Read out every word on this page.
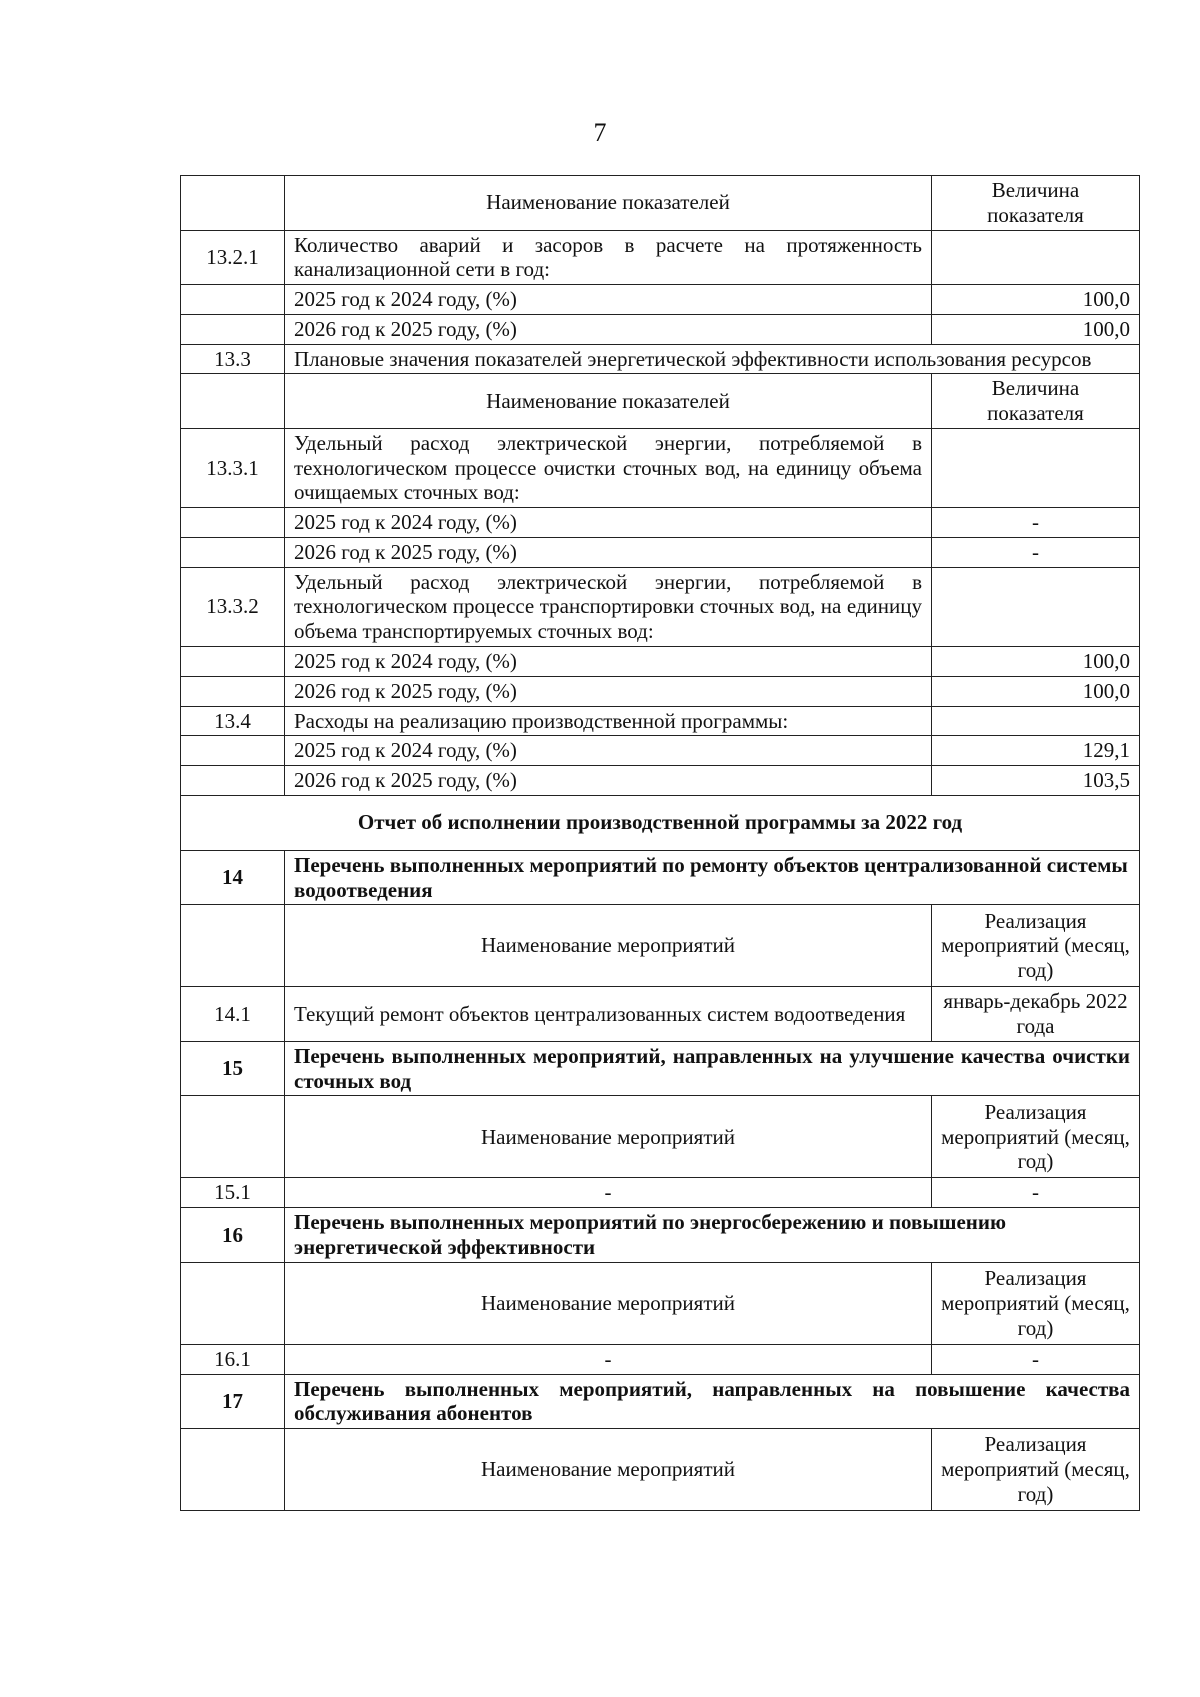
7
	Наименование показателей	Величина показателя
13.2.1	Количество аварий и засоров в расчете на протяженность канализационной сети в год:	
	2025 год к 2024 году, (%)	100,0
	2026 год к 2025 году, (%)	100,0
13.3	Плановые значения показателей энергетической эффективности использования ресурсов	
	Наименование показателей	Величина показателя
13.3.1	Удельный расход электрической энергии, потребляемой в технологическом процессе очистки сточных вод, на единицу объема очищаемых сточных вод:	
	2025 год к 2024 году, (%)	-
	2026 год к 2025 году, (%)	-
13.3.2	Удельный расход электрической энергии, потребляемой в технологическом процессе транспортировки сточных вод, на единицу объема транспортируемых сточных вод:	
	2025 год к 2024 году, (%)	100,0
	2026 год к 2025 году, (%)	100,0
13.4	Расходы на реализацию производственной программы:	
	2025 год к 2024 году, (%)	129,1
	2026 год к 2025 году, (%)	103,5
Отчет об исполнении производственной программы за 2022 год		
14	Перечень выполненных мероприятий по ремонту объектов централизованной системы водоотведения	
	Наименование мероприятий	Реализация мероприятий (месяц, год)
14.1	Текущий ремонт объектов централизованных систем водоотведения	январь-декабрь 2022 года
15	Перечень выполненных мероприятий, направленных на улучшение качества очистки сточных вод	
	Наименование мероприятий	Реализация мероприятий (месяц, год)
15.1	-	-
16	Перечень выполненных мероприятий по энергосбережению и повышению энергетической эффективности	
	Наименование мероприятий	Реализация мероприятий (месяц, год)
16.1	-	-
17	Перечень выполненных мероприятий, направленных на повышение качества обслуживания абонентов	
	Наименование мероприятий	Реализация мероприятий (месяц, год)
